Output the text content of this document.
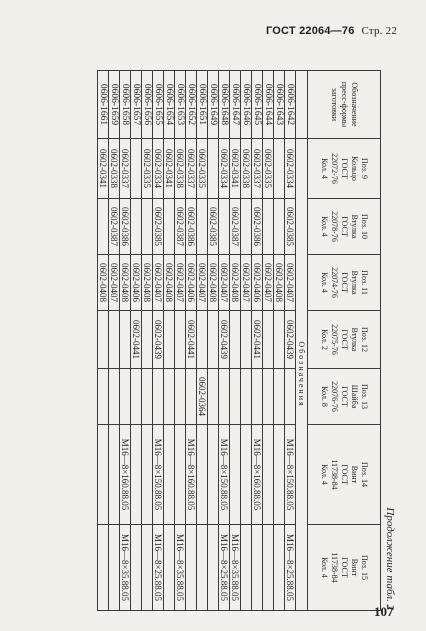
ГОСТ 22064—76 Стр. 22
Продолжение табл. 2
Обозначение
пресс-формы
заготовки	Поз. 9
Кольцо
ГОСТ
22072-76
Кол. 4	Поз. 10
Втулка
ГОСТ
22078-76
Кол. 4	Поз. 11
Втулка
ГОСТ
22074-76
Кол. 4	Поз. 12
Втулка
ГОСТ
22075-76
Кол. 2	Поз. 13
Шайба
ГОСТ
22076-76
Кол. 8	Поз. 14
Винт
ГОСТ
11738-84
Кол. 4	Поз. 15
Винт
ГОСТ
11738-84
Кол. 4

	Обозначения						
0606-1642	0602-0334	0602-0385	0602-0407	0602-0439		M16—8×150.88.05	M16—8×25.88.05
0606-1643			0602-0408				
0606-1644	0602-0335		0602-0407				
0606-1645	0602-0337	0602-0386	0602-0406	0602-0441		M16—8×160.88.05	
0606-1646	0602-0338		0602-0407				
0606-1647	0602-0341	0602-0387	0602-0408				M16—8×35.88.05
0606-1648	0602-0334		0602-0407	0602-0439		M16—8×150.88.05	M16—8×25.88.05
0606-1649		0602-0385	0602-0408				
0606-1651	0602-0335		0602-0407		0602-0364		
0606-1652	0602-0337	0602-0386	0602-0406	0602-0441		M16—8×160.88.05	
0606-1653	0602-0338	0602-0387	0602-0407				M16—8×35.88.05
0606-1654	0602-0341		0602-0408				
0606-1655	0602-0334	0602-0385	0602-0407	0602-0439		M16—8×150.88.05	M16—8×25.88.05
0606-1656	0602-0335		0602-0408				
0606-1657			0602-0406	0602-0441			
0606-1658	0602-0337	0602-0386	0602-0408			M16—8×160.88.05	M16—8×35.88.05
0606-1659	0602-0338	0602-0387	0602-0407				
0606-1661	0602-0341		0602-0408				
107
